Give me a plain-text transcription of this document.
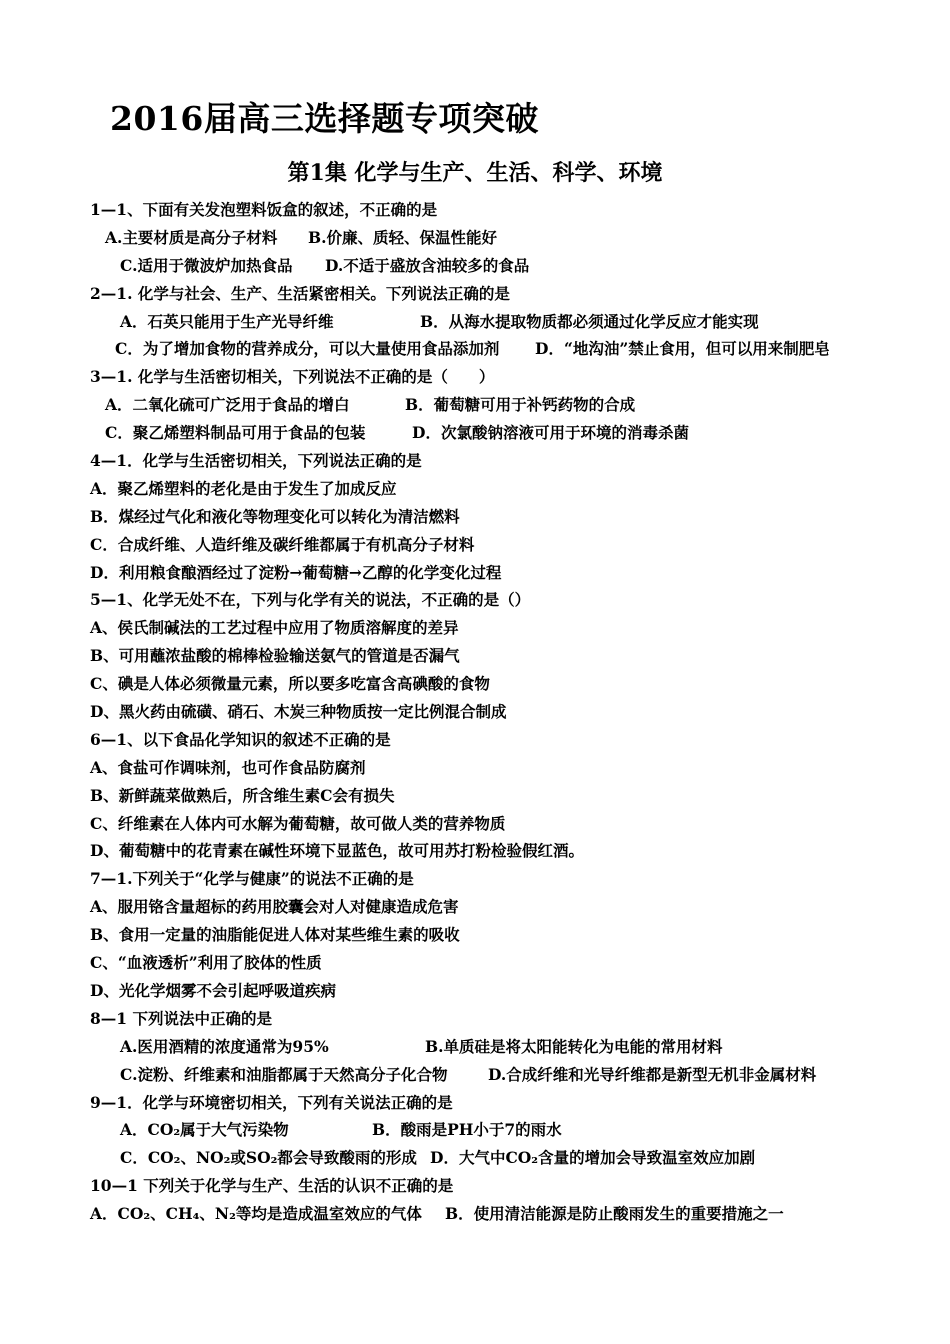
2016届高三选择题专项突破
第1集 化学与生产、生活、科学、环境
1—1、下面有关发泡塑料饭盒的叙述，不正确的是
A.主要材质是高分子材料 B.价廉、质轻、保温性能好
C.适用于微波炉加热食品 D.不适于盛放含油较多的食品
2—1. 化学与社会、生产、生活紧密相关。下列说法正确的是
A．石英只能用于生产光导纤维	B．从海水提取物质都必须通过化学反应才能实现
C．为了增加食物的营养成分，可以大量使用食品添加剂 D．“地沟油”禁止食用，但可以用来制肥皂
3—1. 化学与生活密切相关，下列说法不正确的是（　　）
A．二氧化硫可广泛用于食品的增白	B．葡萄糖可用于补钙药物的合成
C．聚乙烯塑料制品可用于食品的包装	D．次氯酸钠溶液可用于环境的消毒杀菌
4—1．化学与生活密切相关，下列说法正确的是
A．聚乙烯塑料的老化是由于发生了加成反应
B．煤经过气化和液化等物理变化可以转化为清洁燃料
C．合成纤维、人造纤维及碳纤维都属于有机高分子材料
D．利用粮食酿酒经过了淀粉→葡萄糖→乙醇的化学变化过程
5—1、化学无处不在，下列与化学有关的说法，不正确的是（）
A、侯氏制碱法的工艺过程中应用了物质溶解度的差异
B、可用蘸浓盐酸的棉棒检验输送氨气的管道是否漏气
C、碘是人体必须微量元素，所以要多吃富含高碘酸的食物
D、黑火药由硫磺、硝石、木炭三种物质按一定比例混合制成
6—1、以下食品化学知识的叙述不正确的是
A、食盐可作调味剂，也可作食品防腐剂
B、新鲜蔬菜做熟后，所含维生素C会有损失
C、纤维素在人体内可水解为葡萄糖，故可做人类的营养物质
D、葡萄糖中的花青素在碱性环境下显蓝色，故可用苏打粉检验假红酒。
7—1.下列关于“化学与健康”的说法不正确的是
A、服用铬含量超标的药用胶囊会对人对健康造成危害
B、食用一定量的油脂能促进人体对某些维生素的吸收
C、“血液透析”利用了胶体的性质
D、光化学烟雾不会引起呼吸道疾病
8—1 下列说法中正确的是
A.医用酒精的浓度通常为95%	B.单质硅是将太阳能转化为电能的常用材料
C.淀粉、纤维素和油脂都属于天然高分子化合物	D.合成纤维和光导纤维都是新型无机非金属材料
9—1．化学与环境密切相关，下列有关说法正确的是
A．CO₂属于大气污染物	B．酸雨是PH小于7的雨水
C．CO₂、NO₂或SO₂都会导致酸雨的形成 D．大气中CO₂含量的增加会导致温室效应加剧
10—1 下列关于化学与生产、生活的认识不正确的是
A．CO₂、CH₄、N₂等均是造成温室效应的气体 B．使用清洁能源是防止酸雨发生的重要措施之一
